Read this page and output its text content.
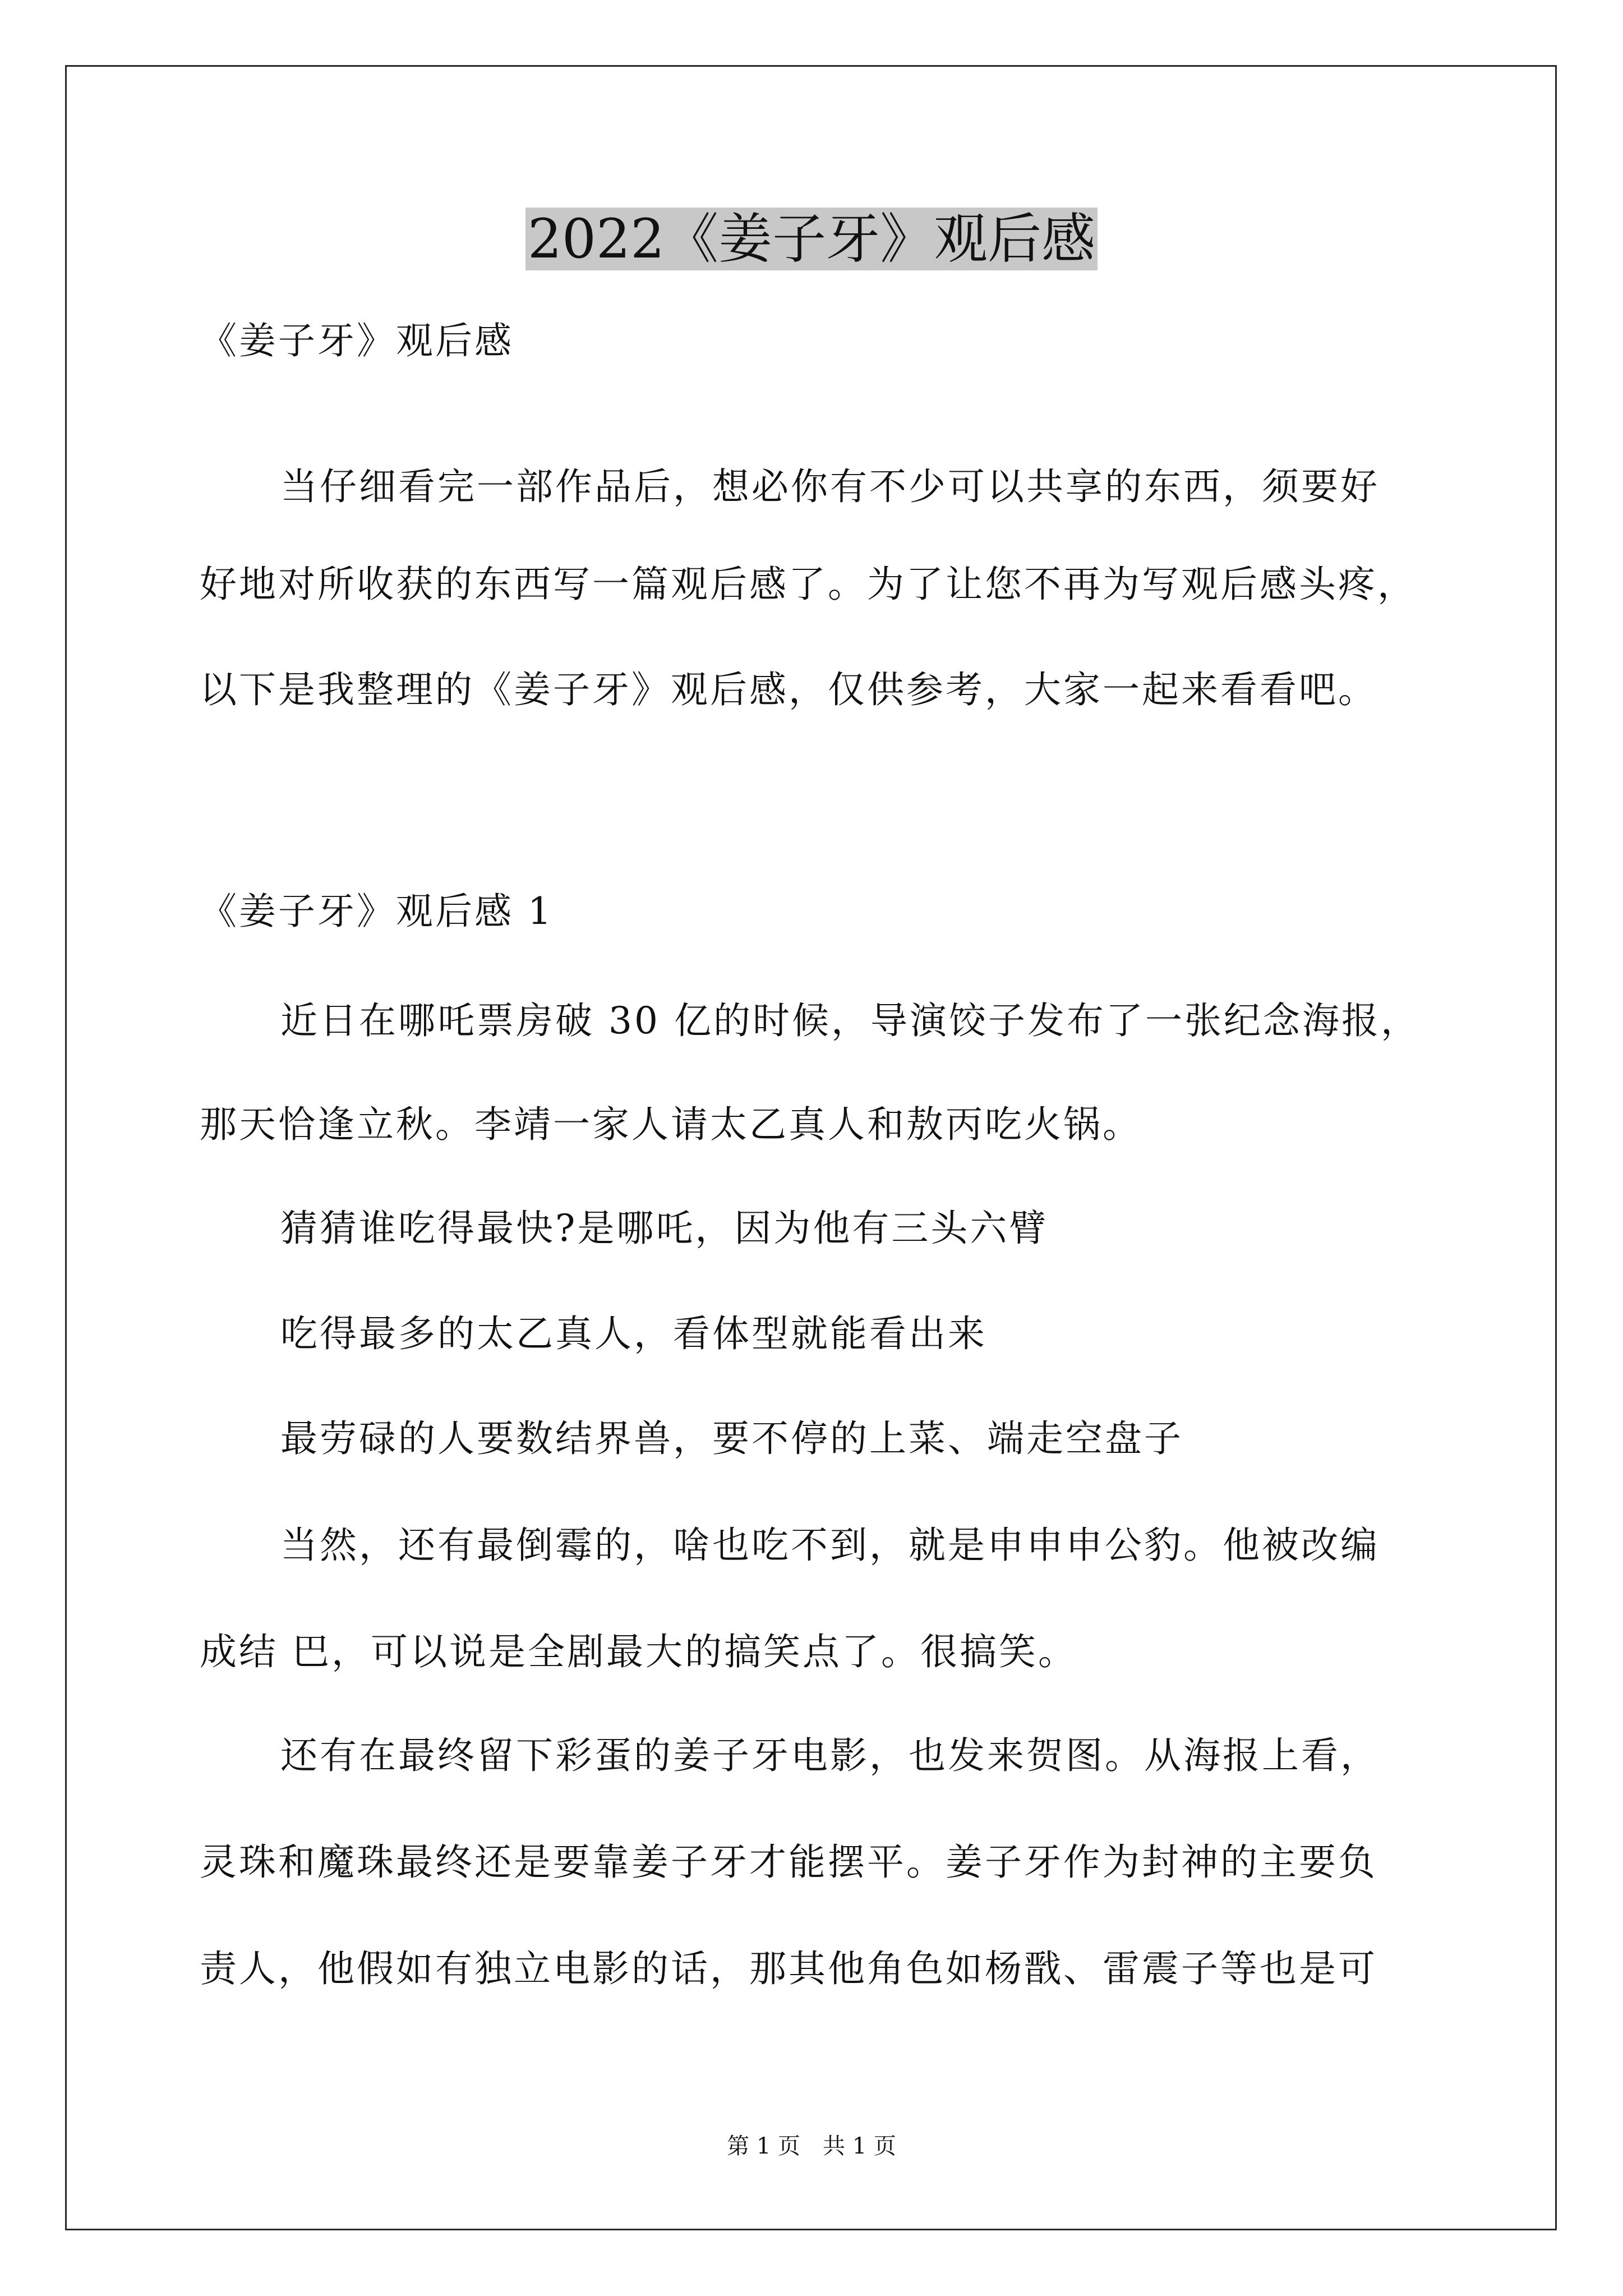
2022《姜子牙》观后感
《姜子牙》观后感
当仔细看完一部作品后，想必你有不少可以共享的东西，须要好
好地对所收获的东西写一篇观后感了。为了让您不再为写观后感头疼，
以下是我整理的《姜子牙》观后感，仅供参考，大家一起来看看吧。
《姜子牙》观后感 1
近日在哪吒票房破 30 亿的时候，导演饺子发布了一张纪念海报，
那天恰逢立秋。李靖一家人请太乙真人和敖丙吃火锅。
猜猜谁吃得最快?是哪吒，因为他有三头六臂
吃得最多的太乙真人，看体型就能看出来
最劳碌的人要数结界兽，要不停的上菜、端走空盘子
当然，还有最倒霉的，啥也吃不到，就是申申申公豹。他被改编
成结 巴，可以说是全剧最大的搞笑点了。很搞笑。
还有在最终留下彩蛋的姜子牙电影，也发来贺图。从海报上看，
灵珠和魔珠最终还是要靠姜子牙才能摆平。姜子牙作为封神的主要负
责人，他假如有独立电影的话，那其他角色如杨戬、雷震子等也是可
第 1 页　共 1 页
